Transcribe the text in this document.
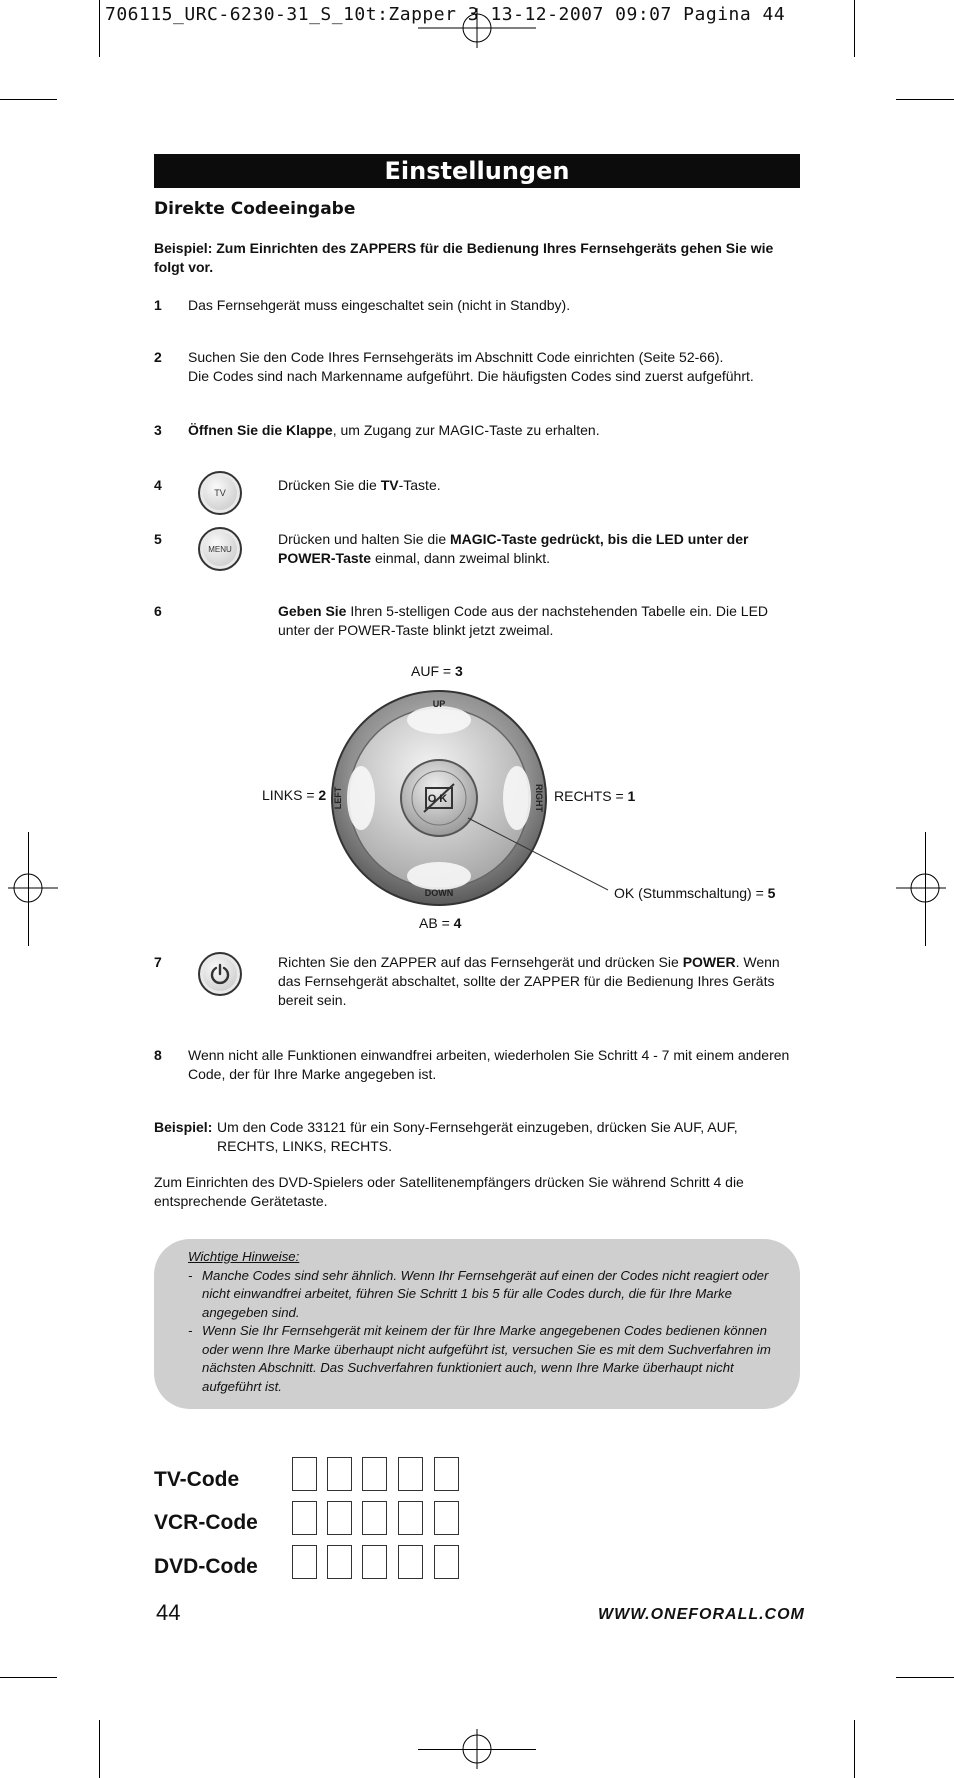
706115_URC-6230-31_S_10t:Zapper 3 13-12-2007 09:07 Pagina 44
Einstellungen
Direkte Codeeingabe
Beispiel: Zum Einrichten des ZAPPERS für die Bedienung Ihres Fernsehgeräts gehen Sie wie folgt vor.
1 Das Fernsehgerät muss eingeschaltet sein (nicht in Standby).
2 Suchen Sie den Code Ihres Fernsehgeräts im Abschnitt Code einrichten (Seite 52-66).
Die Codes sind nach Markenname aufgeführt. Die häufigsten Codes sind zuerst aufgeführt.
3 Öffnen Sie die Klappe, um Zugang zur MAGIC-Taste zu erhalten.
4	TV	Drücken Sie die TV-Taste.
5
MENU
Drücken und halten Sie die MAGIC-Taste gedrückt, bis die LED unter der POWER-Taste einmal, dann zweimal blinkt.
6	Geben Sie Ihren 5-stelligen Code aus der nachstehenden Tabelle ein. Die LED unter der POWER-Taste blinkt jetzt zweimal.
AUF = 3
LINKS = 2	RECHTS = 1
AB = 4
OK (Stummschaltung) = 5
UP
DOWN
LEFT	RIGHT
OK
7	Richten Sie den ZAPPER auf das Fernsehgerät und drücken Sie POWER. Wenn das Fernsehgerät abschaltet, sollte der ZAPPER für die Bedienung Ihres Geräts bereit sein.
8 Wenn nicht alle Funktionen einwandfrei arbeiten, wiederholen Sie Schritt 4 - 7 mit einem anderen Code, der für Ihre Marke angegeben ist.
Beispiel: Um den Code 33121 für ein Sony-Fernsehgerät einzugeben, drücken Sie AUF, AUF, RECHTS, LINKS, RECHTS.
Zum Einrichten des DVD-Spielers oder Satellitenempfängers drücken Sie während Schritt 4 die entsprechende Gerätetaste.
Wichtige Hinweise:
- Manche Codes sind sehr ähnlich. Wenn Ihr Fernsehgerät auf einen der Codes nicht reagiert oder nicht einwandfrei arbeitet, führen Sie Schritt 1 bis 5 für alle Codes durch, die für Ihre Marke angegeben sind.
- Wenn Sie Ihr Fernsehgerät mit keinem der für Ihre Marke angegebenen Codes bedienen können oder wenn Ihre Marke überhaupt nicht aufgeführt ist, versuchen Sie es mit dem Suchverfahren im nächsten Abschnitt. Das Suchverfahren funktioniert auch, wenn Ihre Marke überhaupt nicht aufgeführt ist.
TV-Code
VCR-Code
DVD-Code
44	WWW.ONEFORALL.COM
